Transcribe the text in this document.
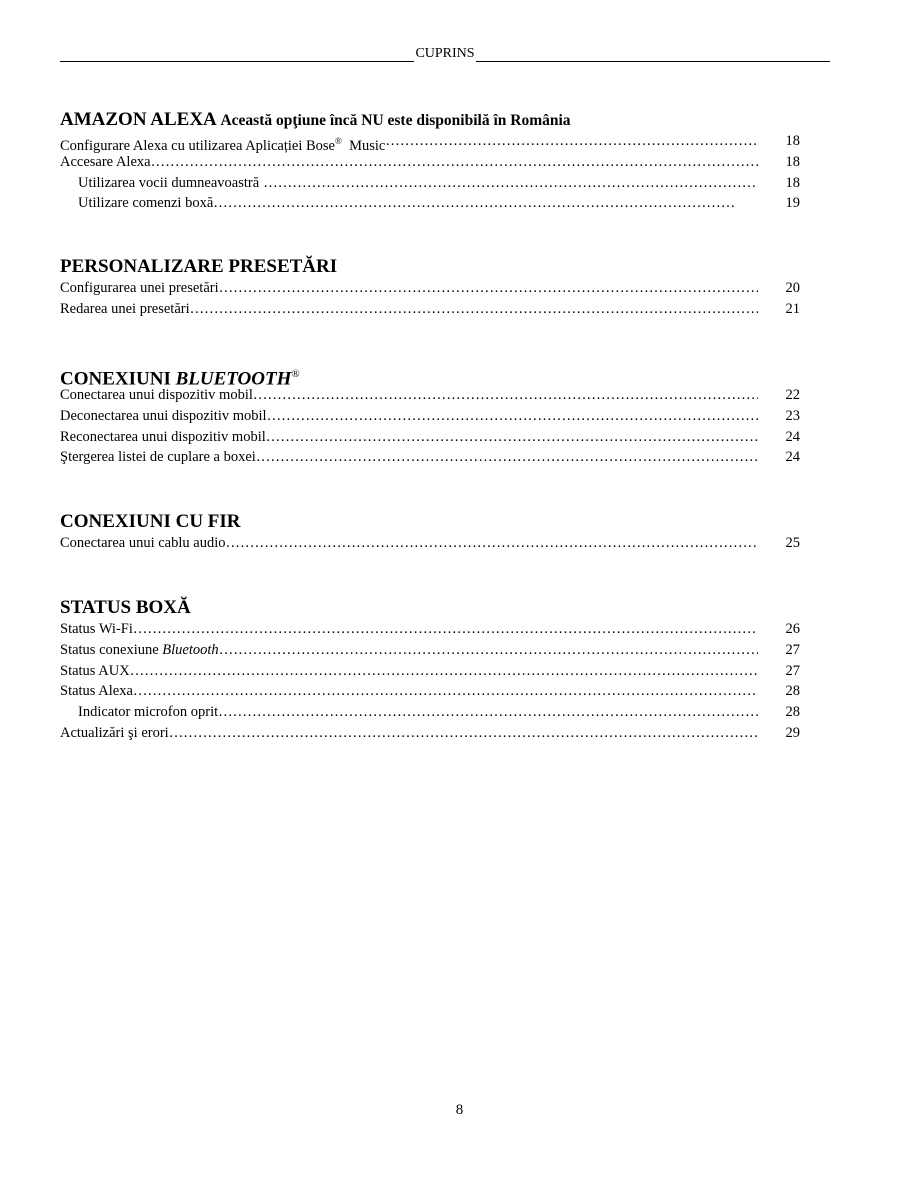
CUPRINS
AMAZON ALEXA Această opţiune încă NU este disponibilă în România
Configurare Alexa cu utilizarea Aplicației Bose®  Music ……………………………………………………………………………………………………………………………………………………………………	18
Accesare Alexa ……………………………………………………………………………………………………………………………………………………………………	18
Utilizarea vocii dumneavoastră ……………………………………………………………………………………………………………………………………………………………………	18
Utilizare comenzi boxă ……………………………………………………………………………………………………………………………………………………………………	19
PERSONALIZARE PRESETĂRI
Configurarea unei presetări ……………………………………………………………………………………………………………………………………………………………………	20
Redarea unei presetări ……………………………………………………………………………………………………………………………………………………………………	21
CONEXIUNI BLUETOOTH®
Conectarea unui dispozitiv mobil ……………………………………………………………………………………………………………………………………………………………………	22
Deconectarea unui dispozitiv mobil ……………………………………………………………………………………………………………………………………………………………………	23
Reconectarea unui dispozitiv mobil ……………………………………………………………………………………………………………………………………………………………………	24
Ştergerea listei de cuplare a boxei ……………………………………………………………………………………………………………………………………………………………………	24
CONEXIUNI CU FIR
Conectarea unui cablu audio ……………………………………………………………………………………………………………………………………………………………………	25
STATUS BOXĂ
Status Wi-Fi ……………………………………………………………………………………………………………………………………………………………………	26
Status conexiune Bluetooth ……………………………………………………………………………………………………………………………………………………………………	27
Status AUX ……………………………………………………………………………………………………………………………………………………………………	27
Status Alexa ……………………………………………………………………………………………………………………………………………………………………	28
Indicator microfon oprit ……………………………………………………………………………………………………………………………………………………………………	28
Actualizări şi erori ……………………………………………………………………………………………………………………………………………………………………	29
8
